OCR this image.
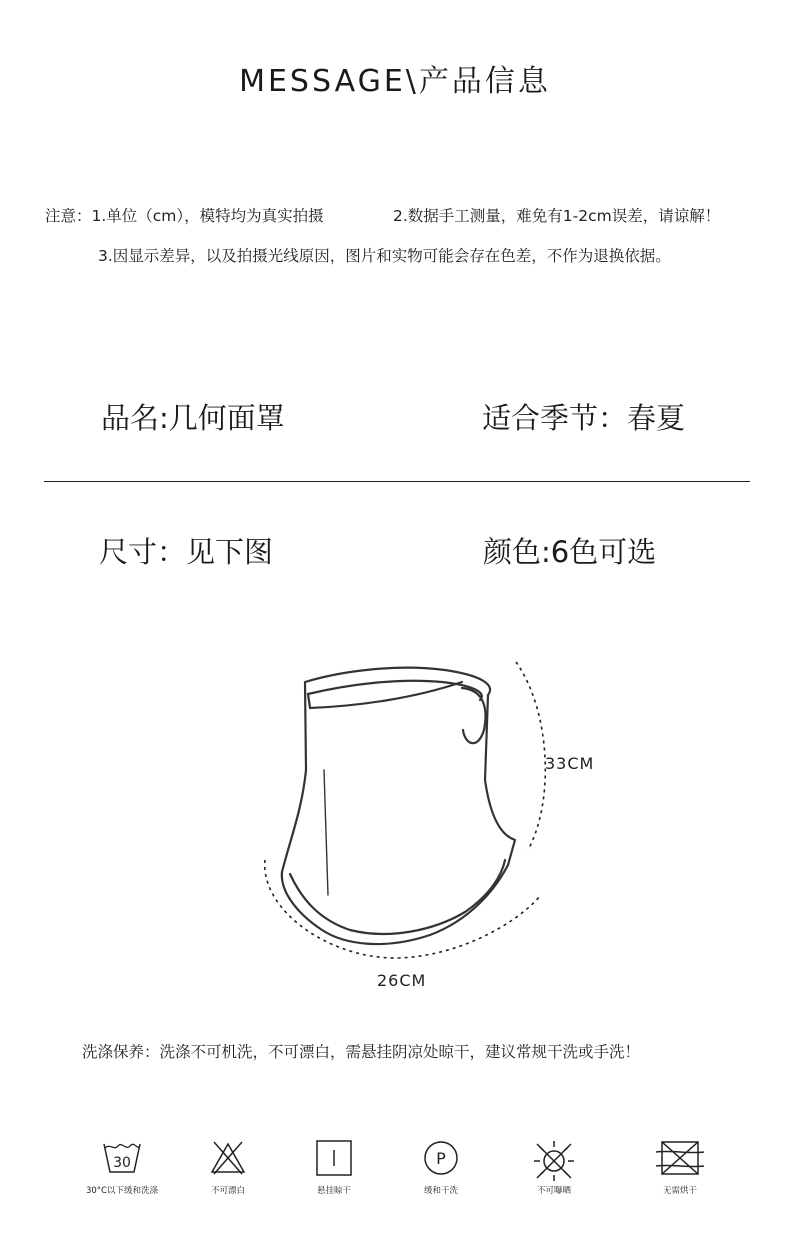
MESSAGE\产品信息
注意：1.单位（cm），模特均为真实拍摄	2.数据手工测量，难免有1-2cm误差，请谅解！
3.因显示差异，以及拍摄光线原因，图片和实物可能会存在色差，不作为退换依据。
品名:几何面罩	适合季节：春夏
尺寸：见下图	颜色:6色可选
33CM
26CM
洗涤保养：洗涤不可机洗，不可漂白，需悬挂阴凉处晾干，建议常规干洗或手洗！
30
30°C以下缓和洗涤	不可漂白	悬挂晾干
P
缓和干洗	不可曝晒	无需烘干
